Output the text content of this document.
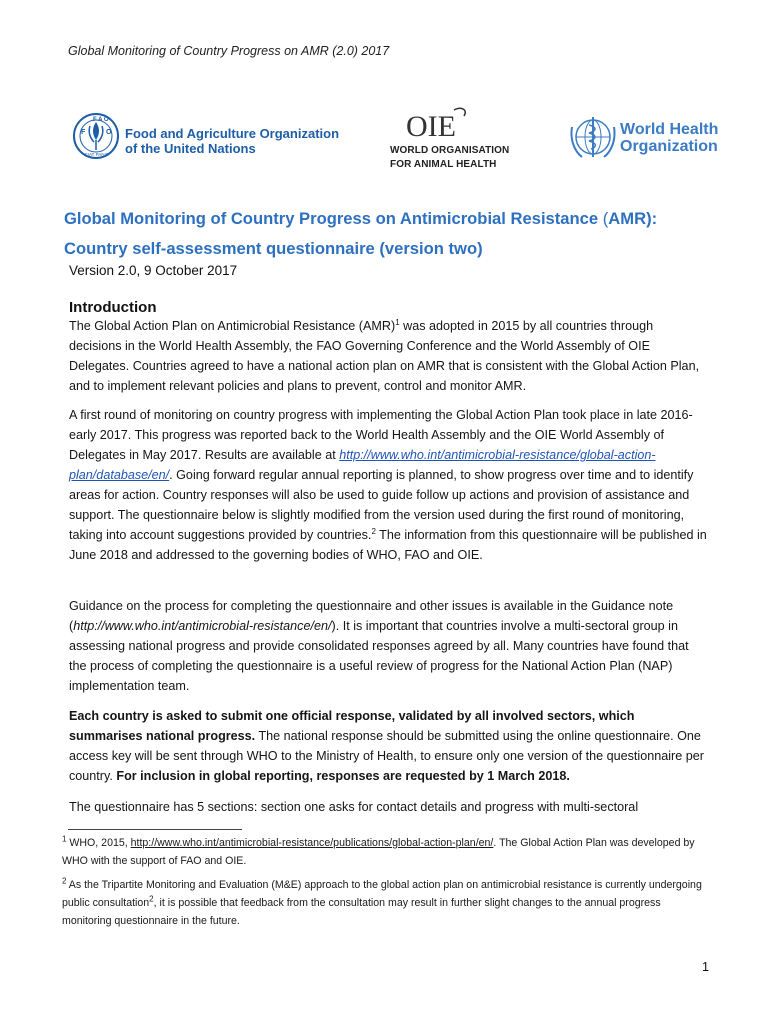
Global Monitoring of Country Progress on AMR (2.0) 2017
F
F A O
O
FIAT PANIS
Food and Agriculture Organization
of the United Nations
OIE
WORLD ORGANISATION
FOR ANIMAL HEALTH
World Health
Organization
Global Monitoring of Country Progress on Antimicrobial Resistance (AMR):
Country self-assessment questionnaire (version two)
Version 2.0, 9 October 2017
Introduction

The Global Action Plan on Antimicrobial Resistance (AMR)$^1$ was adopted in 2015 by all countries through decisions in the World Health Assembly, the FAO Governing Conference and the World Assembly of OIE Delegates. Countries agreed to have a national action plan on AMR that is consistent with the Global Action Plan, and to implement relevant policies and plans to prevent, control and monitor AMR.

A first round of monitoring on country progress with implementing the Global Action Plan took place in late 2016-early 2017. This progress was reported back to the World Health Assembly and the OIE World Assembly of Delegates in May 2017. Results are available at http://www.who.int/antimicrobial-resistance/global-action-plan/database/en/. Going forward regular annual reporting is planned, to show progress over time and to identify areas for action. Country responses will also be used to guide follow up actions and provision of assistance and support. The questionnaire below is slightly modified from the version used during the first round of monitoring, taking into account suggestions provided by countries.$^2$ The information from this questionnaire will be published in June 2018 and addressed to the governing bodies of WHO, FAO and OIE.

Guidance on the process for completing the questionnaire and other issues is available in the Guidance note (http://www.who.int/antimicrobial-resistance/en/). It is important that countries involve a multi-sectoral group in assessing national progress and provide consolidated responses agreed by all. Many countries have found that the process of completing the questionnaire is a useful review of progress for the National Action Plan (NAP) implementation team.

Each country is asked to submit one official response, validated by all involved sectors, which summarises national progress. The national response should be submitted using the online questionnaire. One access key will be sent through WHO to the Ministry of Health, to ensure only one version of the questionnaire per country. For inclusion in global reporting, responses are requested by 1 March 2018.

The questionnaire has 5 sections: section one asks for contact details and progress with multi-sectoral

$^1$ WHO, 2015, http://www.who.int/antimicrobial-resistance/publications/global-action-plan/en/. The Global Action Plan was developed by WHO with the support of FAO and OIE.

$^2$ As the Tripartite Monitoring and Evaluation (M&E) approach to the global action plan on antimicrobial resistance is currently undergoing public consultation$^2$, it is possible that feedback from the consultation may result in further slight changes to the annual progress monitoring questionnaire in the future.

1
